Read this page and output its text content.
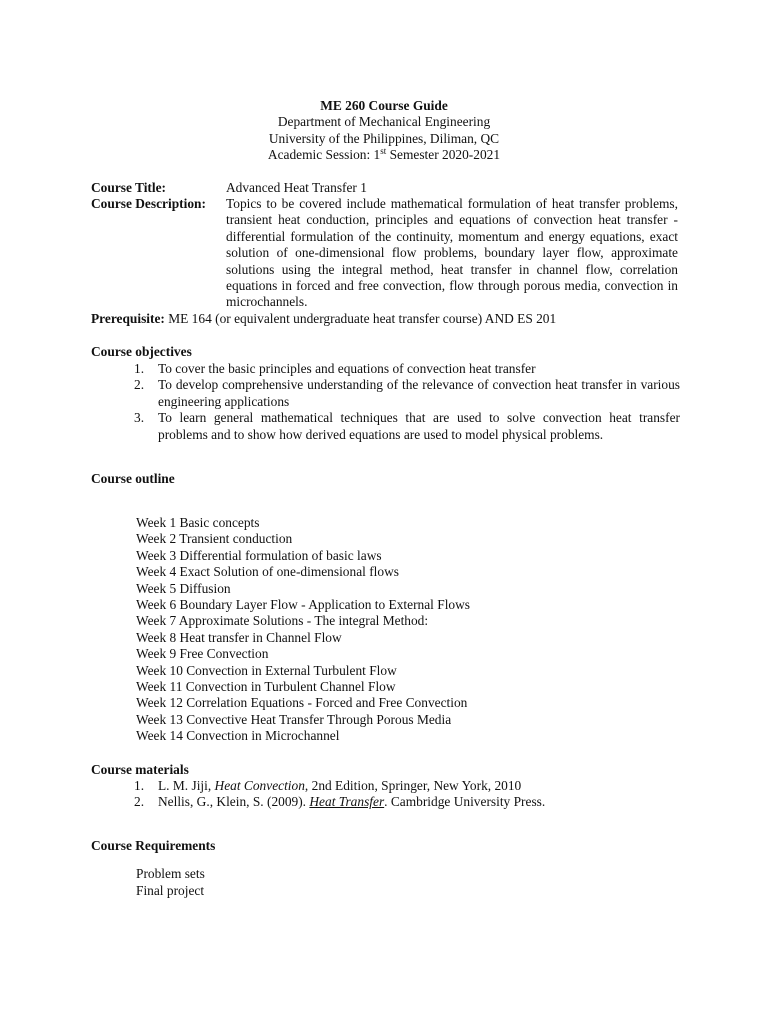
ME 260 Course Guide
Department of Mechanical Engineering
University of the Philippines, Diliman, QC
Academic Session: 1st Semester 2020-2021
Course Title:	Advanced Heat Transfer 1
Course Description: Topics to be covered include mathematical formulation of heat transfer problems,
transient heat conduction, principles and equations of convection heat transfer -
differential formulation of the continuity, momentum and energy equations, exact
solution of one-dimensional flow problems, boundary layer flow, approximate
solutions using the integral method, heat transfer in channel flow, correlation
equations in forced and free convection, flow through porous media, convection in
microchannels.
Prerequisite: ME 164 (or equivalent undergraduate heat transfer course) AND ES 201
Course objectives
1. To cover the basic principles and equations of convection heat transfer
2. To develop comprehensive understanding of the relevance of convection heat transfer in various engineering applications
3. To learn general mathematical techniques that are used to solve convection heat transfer problems and to show how derived equations are used to model physical problems.
Course outline
Week 1 Basic concepts
Week 2 Transient conduction
Week 3 Differential formulation of basic laws
Week 4 Exact Solution of one-dimensional flows
Week 5 Diffusion
Week 6 Boundary Layer Flow - Application to External Flows
Week 7 Approximate Solutions - The integral Method:
Week 8 Heat transfer in Channel Flow
Week 9 Free Convection
Week 10 Convection in External Turbulent Flow
Week 11 Convection in Turbulent Channel Flow
Week 12 Correlation Equations - Forced and Free Convection
Week 13 Convective Heat Transfer Through Porous Media
Week 14 Convection in Microchannel
Course materials
1. L. M. Jiji, Heat Convection, 2nd Edition, Springer, New York, 2010
2. Nellis, G., Klein, S. (2009). Heat Transfer. Cambridge University Press.
Course Requirements
Problem sets
Final project
